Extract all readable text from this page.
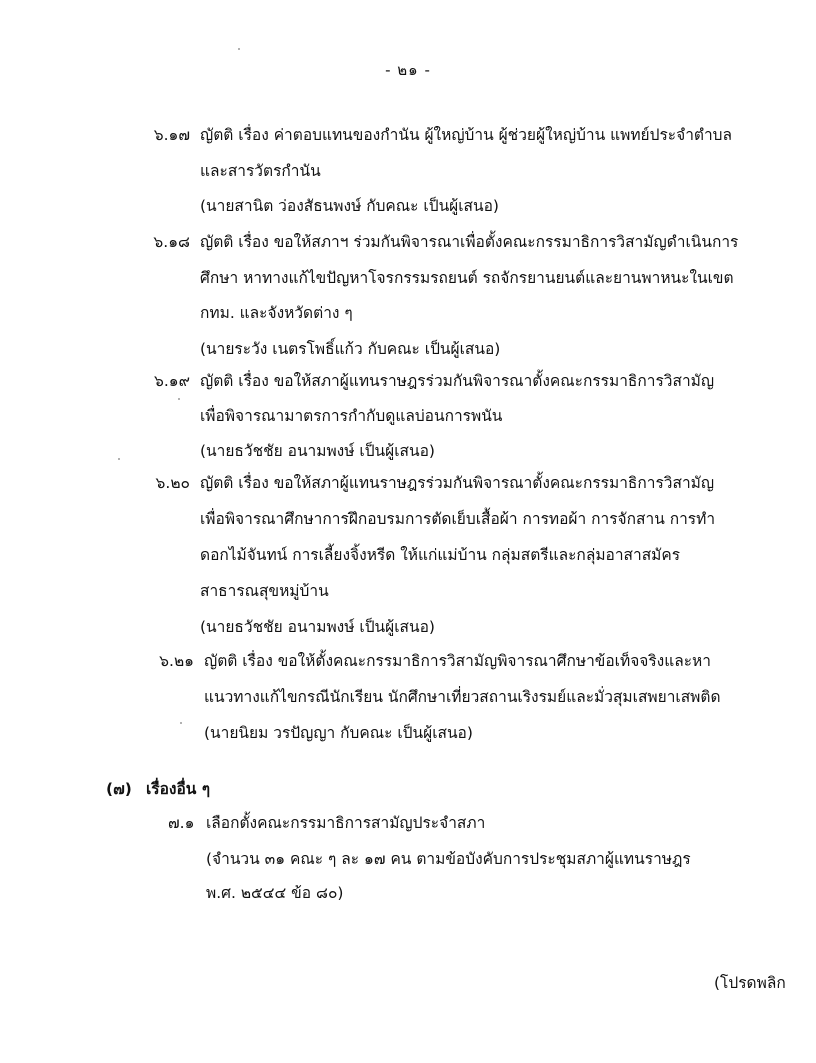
- ๒๑ -
๖.๑๗ ญัตติ เรื่อง ค่าตอบแทนของกำนัน ผู้ใหญ่บ้าน ผู้ช่วยผู้ใหญ่บ้าน แพทย์ประจำตำบล
และสารวัตรกำนัน
(นายสานิต ว่องสัธนพงษ์ กับคณะ เป็นผู้เสนอ)
๖.๑๘ ญัตติ เรื่อง ขอให้สภาฯ ร่วมกันพิจารณาเพื่อตั้งคณะกรรมาธิการวิสามัญดำเนินการ
ศึกษา หาทางแก้ไขปัญหาโจรกรรมรถยนต์ รถจักรยานยนต์และยานพาหนะในเขต
กทม. และจังหวัดต่าง ๆ
(นายระวัง เนตรโพธิ์แก้ว กับคณะ เป็นผู้เสนอ)
๖.๑๙ ญัตติ เรื่อง ขอให้สภาผู้แทนราษฎรร่วมกันพิจารณาตั้งคณะกรรมาธิการวิสามัญ
เพื่อพิจารณามาตรการกำกับดูแลบ่อนการพนัน
(นายธวัชชัย อนามพงษ์ เป็นผู้เสนอ)
๖.๒๐ ญัตติ เรื่อง ขอให้สภาผู้แทนราษฎรร่วมกันพิจารณาตั้งคณะกรรมาธิการวิสามัญ
เพื่อพิจารณาศึกษาการฝึกอบรมการตัดเย็บเสื้อผ้า การทอผ้า การจักสาน การทำ
ดอกไม้จันทน์ การเลี้ยงจิ้งหรีด ให้แก่แม่บ้าน กลุ่มสตรีและกลุ่มอาสาสมัคร
สาธารณสุขหมู่บ้าน
(นายธวัชชัย อนามพงษ์ เป็นผู้เสนอ)
๖.๒๑ ญัตติ เรื่อง ขอให้ตั้งคณะกรรมาธิการวิสามัญพิจารณาศึกษาข้อเท็จจริงและหา
แนวทางแก้ไขกรณีนักเรียน นักศึกษาเที่ยวสถานเริงรมย์และมั่วสุมเสพยาเสพติด
(นายนิยม วรปัญญา กับคณะ เป็นผู้เสนอ)
(๗) เรื่องอื่น ๆ
๗.๑ เลือกตั้งคณะกรรมาธิการสามัญประจำสภา
(จำนวน ๓๑ คณะ ๆ ละ ๑๗ คน ตามข้อบังคับการประชุมสภาผู้แทนราษฎร
พ.ศ. ๒๕๔๔ ข้อ ๘๐)
(โปรดพลิก
